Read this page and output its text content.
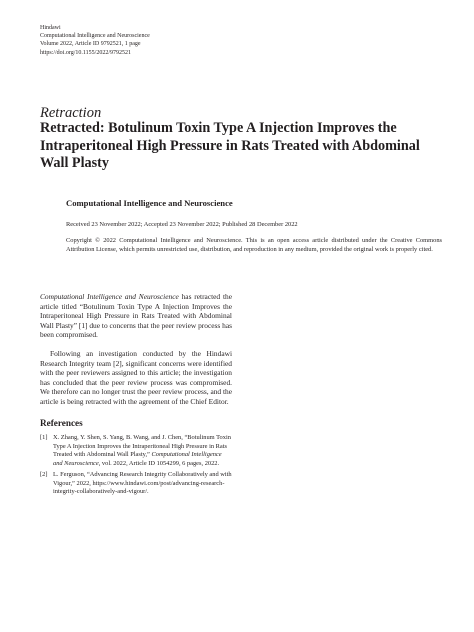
Hindawi
Computational Intelligence and Neuroscience
Volume 2022, Article ID 9792521, 1 page
https://doi.org/10.1155/2022/9792521
Retraction
Retracted: Botulinum Toxin Type A Injection Improves the Intraperitoneal High Pressure in Rats Treated with Abdominal Wall Plasty
Computational Intelligence and Neuroscience
Received 23 November 2022; Accepted 23 November 2022; Published 28 December 2022

Copyright © 2022 Computational Intelligence and Neuroscience. This is an open access article distributed under the Creative Commons Attribution License, which permits unrestricted use, distribution, and reproduction in any medium, provided the original work is properly cited.

Computational Intelligence and Neuroscience has retracted the article titled “Botulinum Toxin Type A Injection Improves the Intraperitoneal High Pressure in Rats Treated with Abdominal Wall Plasty” [1] due to concerns that the peer review process has been compromised.

Following an investigation conducted by the Hindawi Research Integrity team [2], significant concerns were identified with the peer reviewers assigned to this article; the investigation has concluded that the peer review process was compromised. We therefore can no longer trust the peer review process, and the article is being retracted with the agreement of the Chief Editor.

References
[1] X. Zhang, Y. Shen, S. Yang, B. Wang, and J. Chen, “Botulinum Toxin Type A Injection Improves the Intraperitoneal High Pressure in Rats Treated with Abdominal Wall Plasty,” Computational Intelligence and Neuroscience, vol. 2022, Article ID 1054299, 6 pages, 2022.
[2] L. Ferguson, “Advancing Research Integrity Collaboratively and with Vigour,” 2022, https://www.hindawi.com/post/advancing-research-integrity-collaboratively-and-vigour/.
